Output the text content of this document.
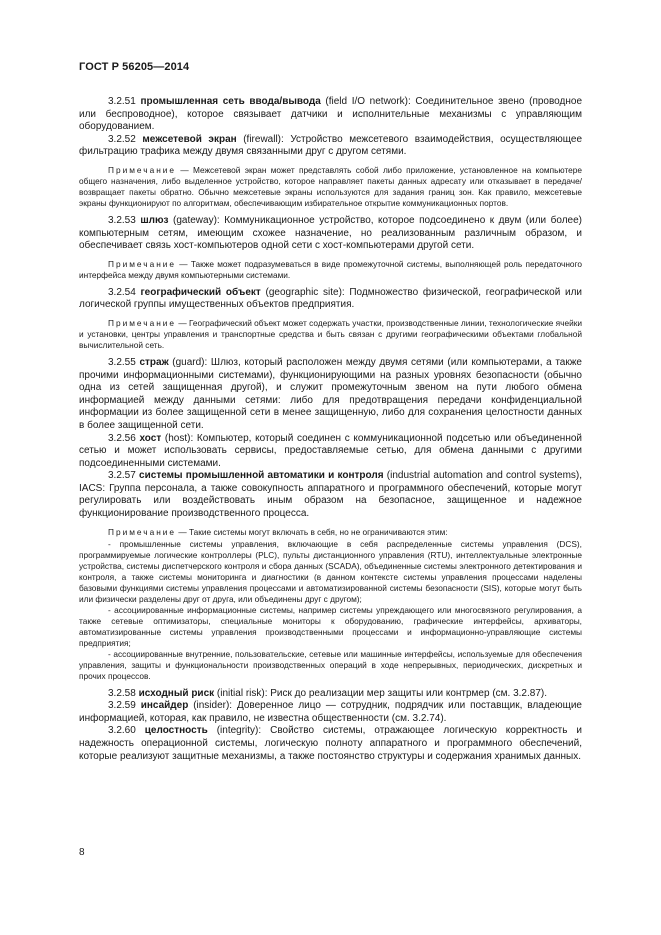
ГОСТ Р 56205—2014

3.2.51 промышленная сеть ввода/вывода (field I/O network): Соединительное звено (проводное или беспроводное), которое связывает датчики и исполнительные механизмы с управляющим оборудованием.

3.2.52 межсетевой экран (firewall): Устройство межсетевого взаимодействия, осуществляющее фильтрацию трафика между двумя связанными друг с другом сетями.

Примечание — Межсетевой экран может представлять собой либо приложение, установленное на компьютере общего назначения, либо выделенное устройство, которое направляет пакеты данных адресату или отказывает в передаче/возвращает пакеты обратно. Обычно межсетевые экраны используются для задания границ зон. Как правило, межсетевые экраны функционируют по алгоритмам, обеспечивающим избирательное открытие коммуникационных портов.

3.2.53 шлюз (gateway): Коммуникационное устройство, которое подсоединено к двум (или более) компьютерным сетям, имеющим схожее назначение, но реализованным различным образом, и обеспечивает связь хост-компьютеров одной сети с хост-компьютерами другой сети.

Примечание — Также может подразумеваться в виде промежуточной системы, выполняющей роль передаточного интерфейса между двумя компьютерными системами.

3.2.54 географический объект (geographic site): Подмножество физической, географической или логической группы имущественных объектов предприятия.

Примечание — Географический объект может содержать участки, производственные линии, технологические ячейки и установки, центры управления и транспортные средства и быть связан с другими географическими объектами глобальной вычислительной сеть.

3.2.55 страж (guard): Шлюз, который расположен между двумя сетями (или компьютерами, а также прочими информационными системами), функционирующими на разных уровнях безопасности (обычно одна из сетей защищенная другой), и служит промежуточным звеном на пути любого обмена информацией между данными сетями: либо для предотвращения передачи конфиденциальной информации из более защищенной сети в менее защищенную, либо для сохранения целостности данных в более защищенной сети.

3.2.56 хост (host): Компьютер, который соединен с коммуникационной подсетью или объединенной сетью и может использовать сервисы, предоставляемые сетью, для обмена данными с другими подсоединенными системами.

3.2.57 системы промышленной автоматики и контроля (industrial automation and control systems), IACS: Группа персонала, а также совокупность аппаратного и программного обеспечений, которые могут регулировать или воздействовать иным образом на безопасное, защищенное и надежное функционирование производственного процесса.

Примечание — Такие системы могут включать в себя, но не ограничиваются этим:

- промышленные системы управления, включающие в себя распределенные системы управления (DCS), программируемые логические контроллеры (PLC), пульты дистанционного управления (RTU), интеллектуальные электронные устройства, системы диспетчерского контроля и сбора данных (SCADA), объединенные системы электронного детектирования и контроля, а также системы мониторинга и диагностики (в данном контексте системы управления процессами наделены базовыми функциями системы управления процессами и автоматизированной системы безопасности (SIS), которые могут быть или физически разделены друг от друга, или объединены друг с другом);

- ассоциированные информационные системы, например системы упреждающего или многосвязного регулирования, а также сетевые оптимизаторы, специальные мониторы к оборудованию, графические интерфейсы, архиваторы, автоматизированные системы управления производственными процессами и информационно-управляющие системы предприятия;

- ассоциированные внутренние, пользовательские, сетевые или машинные интерфейсы, используемые для обеспечения управления, защиты и функциональности производственных операций в ходе непрерывных, периодических, дискретных и прочих процессов.

3.2.58 исходный риск (initial risk): Риск до реализации мер защиты или контрмер (см. 3.2.87).

3.2.59 инсайдер (insider): Доверенное лицо — сотрудник, подрядчик или поставщик, владеющие информацией, которая, как правило, не известна общественности (см. 3.2.74).

3.2.60 целостность (integrity): Свойство системы, отражающее логическую корректность и надежность операционной системы, логическую полноту аппаратного и программного обеспечений, которые реализуют защитные механизмы, а также постоянство структуры и содержания хранимых данных.

8
